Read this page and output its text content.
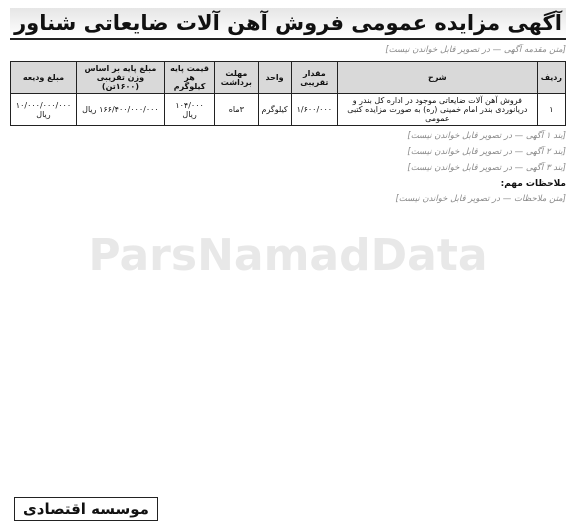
آگهی مزایده عمومی فروش آهن آلات ضایعاتی شناور

[متن مقدمه آگهی — در تصویر قابل خواندن نیست]

ردیف	شرح	مقدار تقریبی	واحد	مهلت برداشت	قیمت پایه هر کیلوگرم	مبلغ پایه بر اساس وزن تقریبی (۱۶۰۰تن)	مبلغ ودیعه
۱	فروش آهن آلات ضایعاتی موجود در اداره کل بندر و دریانوردی بندر امام خمینی (ره) به صورت مزایده کتبی عمومی	۱/۶۰۰/۰۰۰	کیلوگرم	۳ماه	۱۰۴/۰۰۰ ریال	۱۶۶/۴۰۰/۰۰۰/۰۰۰ ریال	۱۰/۰۰۰/۰۰۰/۰۰۰ ریال

[بند ۱ آگهی — در تصویر قابل خواندن نیست]

[بند ۲ آگهی — در تصویر قابل خواندن نیست]

[بند ۳ آگهی — در تصویر قابل خواندن نیست]

ملاحظات مهم:

[متن ملاحظات — در تصویر قابل خواندن نیست]

ParsNamadData
موسسه اقتصادی
